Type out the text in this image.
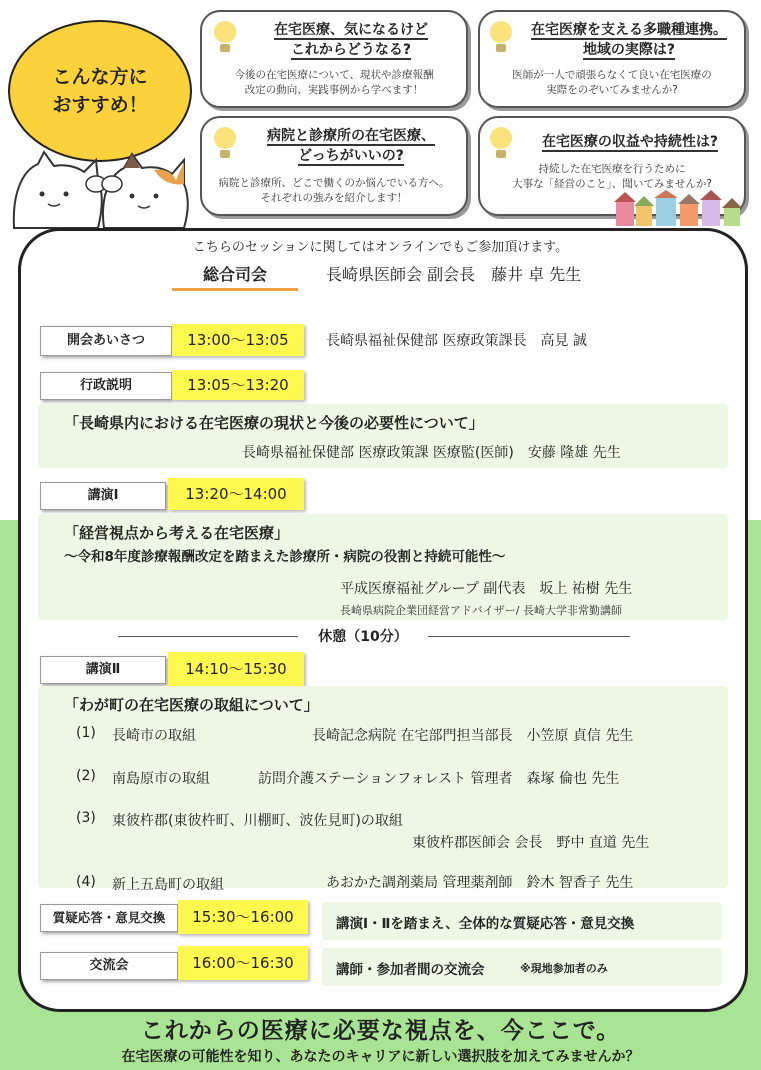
こんな方に
おすすめ！
在宅医療、気になるけど
これからどうなる?
今後の在宅医療について、現状や診療報酬
改定の動向、実践事例から学べます！
在宅医療を支える多職種連携。
地域の実際は?
医師が一人で頑張らなくて良い在宅医療の
実際をのぞいてみませんか?
病院と診療所の在宅医療、
どっちがいいの?
病院と診療所、どこで働くのか悩んでいる方へ。
それぞれの強みを紹介します！
在宅医療の収益や持続性は?
持続した在宅医療を行うために
大事な「経営のこと」、聞いてみませんか?
こちらのセッションに関してはオンラインでもご参加頂けます。
総合司会	長崎県医師会 副会長　藤井 卓 先生
開会あいさつ	13:00〜13:05	長崎県福祉保健部 医療政策課長　高見 誠
行政説明	13:05〜13:20
「長崎県内における在宅医療の現状と今後の必要性について」
長崎県福祉保健部 医療政策課 医療監(医師)　安藤 隆雄 先生
講演Ⅰ	13:20〜14:00
「経営視点から考える在宅医療」
〜令和8年度診療報酬改定を踏まえた診療所・病院の役割と持続可能性〜
平成医療福祉グループ 副代表　坂上 祐樹 先生
長崎県病院企業団経営アドバイザー/ 長崎大学非常勤講師
休憩（10分）
講演Ⅱ	14:10〜15:30
「わが町の在宅医療の取組について」
(1) 長崎市の取組	長崎記念病院 在宅部門担当部長　小笠原 貞信 先生
(2) 南島原市の取組	訪問介護ステーションフォレスト 管理者　森塚 倫也 先生
(3) 東彼杵郡(東彼杵町、川棚町、波佐見町)の取組
東彼杵郡医師会 会長　野中 直道 先生
(4) 新上五島町の取組	あおかた調剤薬局 管理薬剤師　鈴木 智香子 先生
質疑応答・意見交換	15:30〜16:00	講演Ⅰ・Ⅱを踏まえ、全体的な質疑応答・意見交換
交流会	16:00〜16:30	講師・参加者間の交流会	※現地参加者のみ
これからの医療に必要な視点を、今ここで。
在宅医療の可能性を知り、あなたのキャリアに新しい選択肢を加えてみませんか？
